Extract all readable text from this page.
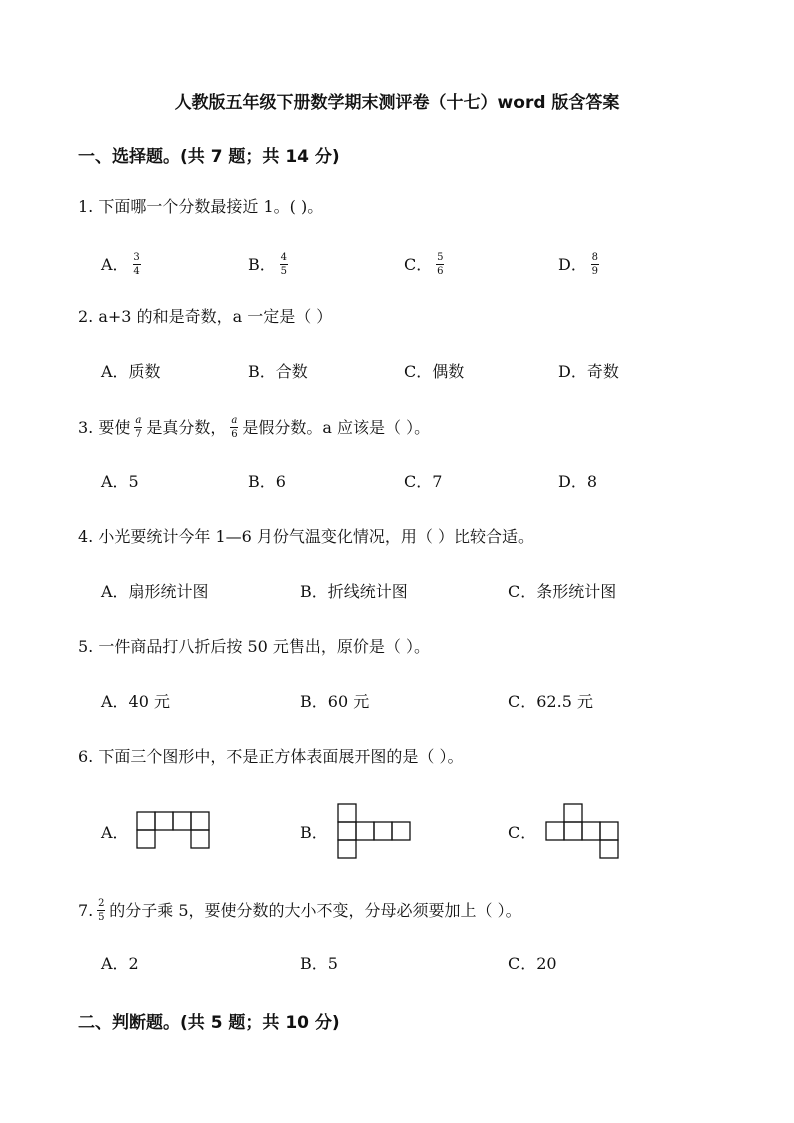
人教版五年级下册数学期末测评卷（十七）word 版含答案
一、选择题。(共 7 题；共 14 分)
1. 下面哪一个分数最接近 1。( )。
A． $\frac{3}{4}$	B． $\frac{4}{5}$	C． $\frac{5}{6}$	D． $\frac{8}{9}$
2. a+3 的和是奇数，a 一定是（ ）
A．质数	B．合数	C．偶数	D．奇数
3. 要使 $\frac{a}{7}$ 是真分数， $\frac{a}{6}$ 是假分数。a 应该是（ ）。
A．5	B．6	C．7	D．8
4. 小光要统计今年 1—6 月份气温变化情况，用（ ）比较合适。
A．扇形统计图	B．折线统计图	C．条形统计图
5. 一件商品打八折后按 50 元售出，原价是（ ）。
A．40 元	B．60 元	C．62.5 元
6. 下面三个图形中，不是正方体表面展开图的是（ ）。
A．	B．	C．
7. $\frac{2}{5}$ 的分子乘 5，要使分数的大小不变，分母必须要加上（ ）。
A．2	B．5	C．20
二、判断题。(共 5 题；共 10 分)
